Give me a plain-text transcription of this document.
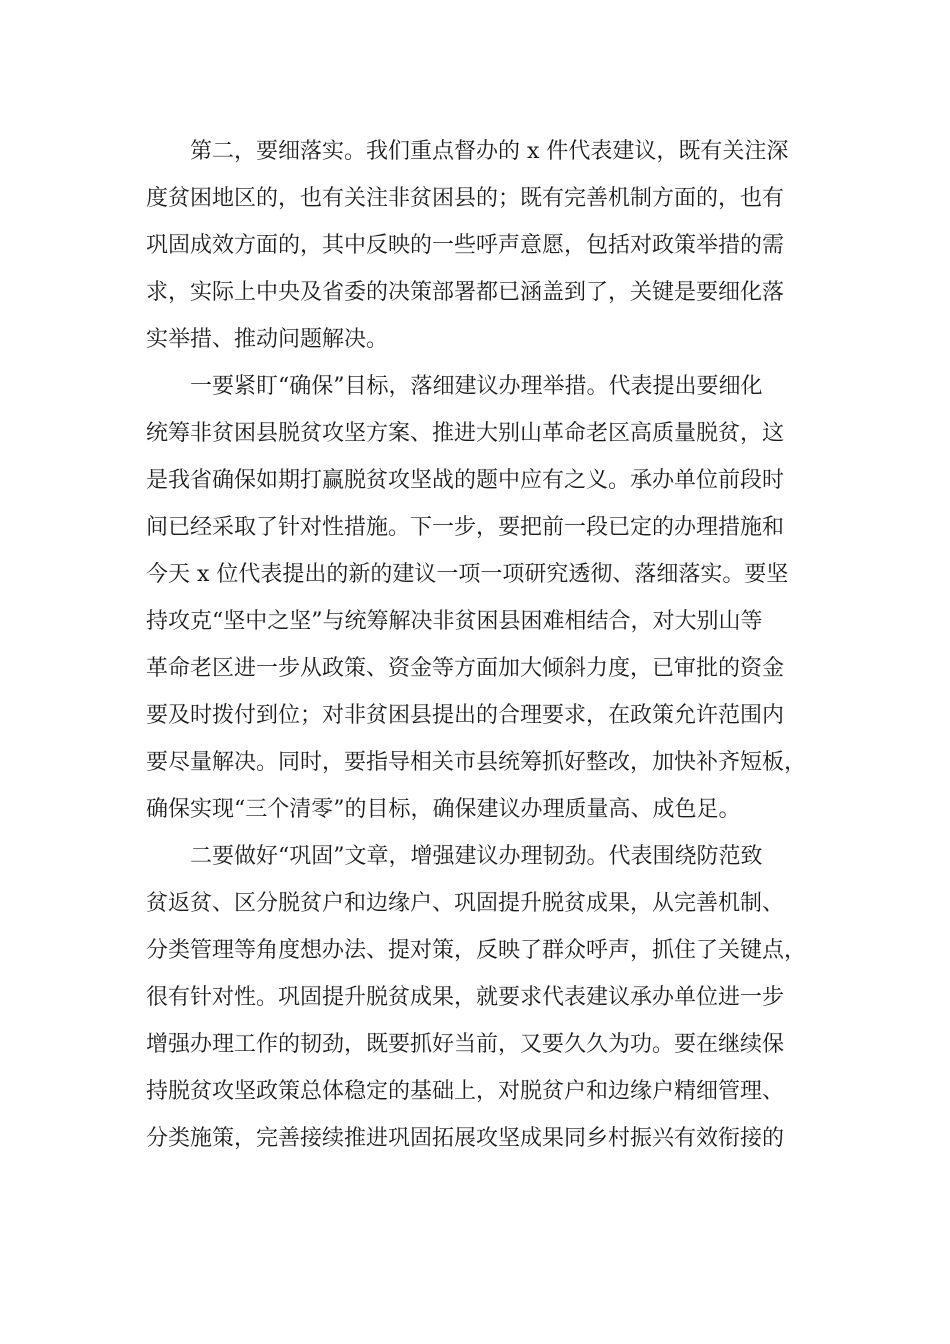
　　第二，要细落实。我们重点督办的 x 件代表建议，既有关注深
度贫困地区的，也有关注非贫困县的；既有完善机制方面的，也有
巩固成效方面的，其中反映的一些呼声意愿，包括对政策举措的需
求，实际上中央及省委的决策部署都已涵盖到了，关键是要细化落
实举措、推动问题解决。
　　一要紧盯“确保”目标，落细建议办理举措。代表提出要细化
统筹非贫困县脱贫攻坚方案、推进大别山革命老区高质量脱贫，这
是我省确保如期打赢脱贫攻坚战的题中应有之义。承办单位前段时
间已经采取了针对性措施。下一步，要把前一段已定的办理措施和
今天 x 位代表提出的新的建议一项一项研究透彻、落细落实。要坚
持攻克“坚中之坚”与统筹解决非贫困县困难相结合，对大别山等
革命老区进一步从政策、资金等方面加大倾斜力度，已审批的资金
要及时拨付到位；对非贫困县提出的合理要求，在政策允许范围内
要尽量解决。同时，要指导相关市县统筹抓好整改，加快补齐短板，
确保实现“三个清零”的目标，确保建议办理质量高、成色足。
　　二要做好“巩固”文章，增强建议办理韧劲。代表围绕防范致
贫返贫、区分脱贫户和边缘户、巩固提升脱贫成果，从完善机制、
分类管理等角度想办法、提对策，反映了群众呼声，抓住了关键点，
很有针对性。巩固提升脱贫成果，就要求代表建议承办单位进一步
增强办理工作的韧劲，既要抓好当前，又要久久为功。要在继续保
持脱贫攻坚政策总体稳定的基础上，对脱贫户和边缘户精细管理、
分类施策，完善接续推进巩固拓展攻坚成果同乡村振兴有效衔接的
